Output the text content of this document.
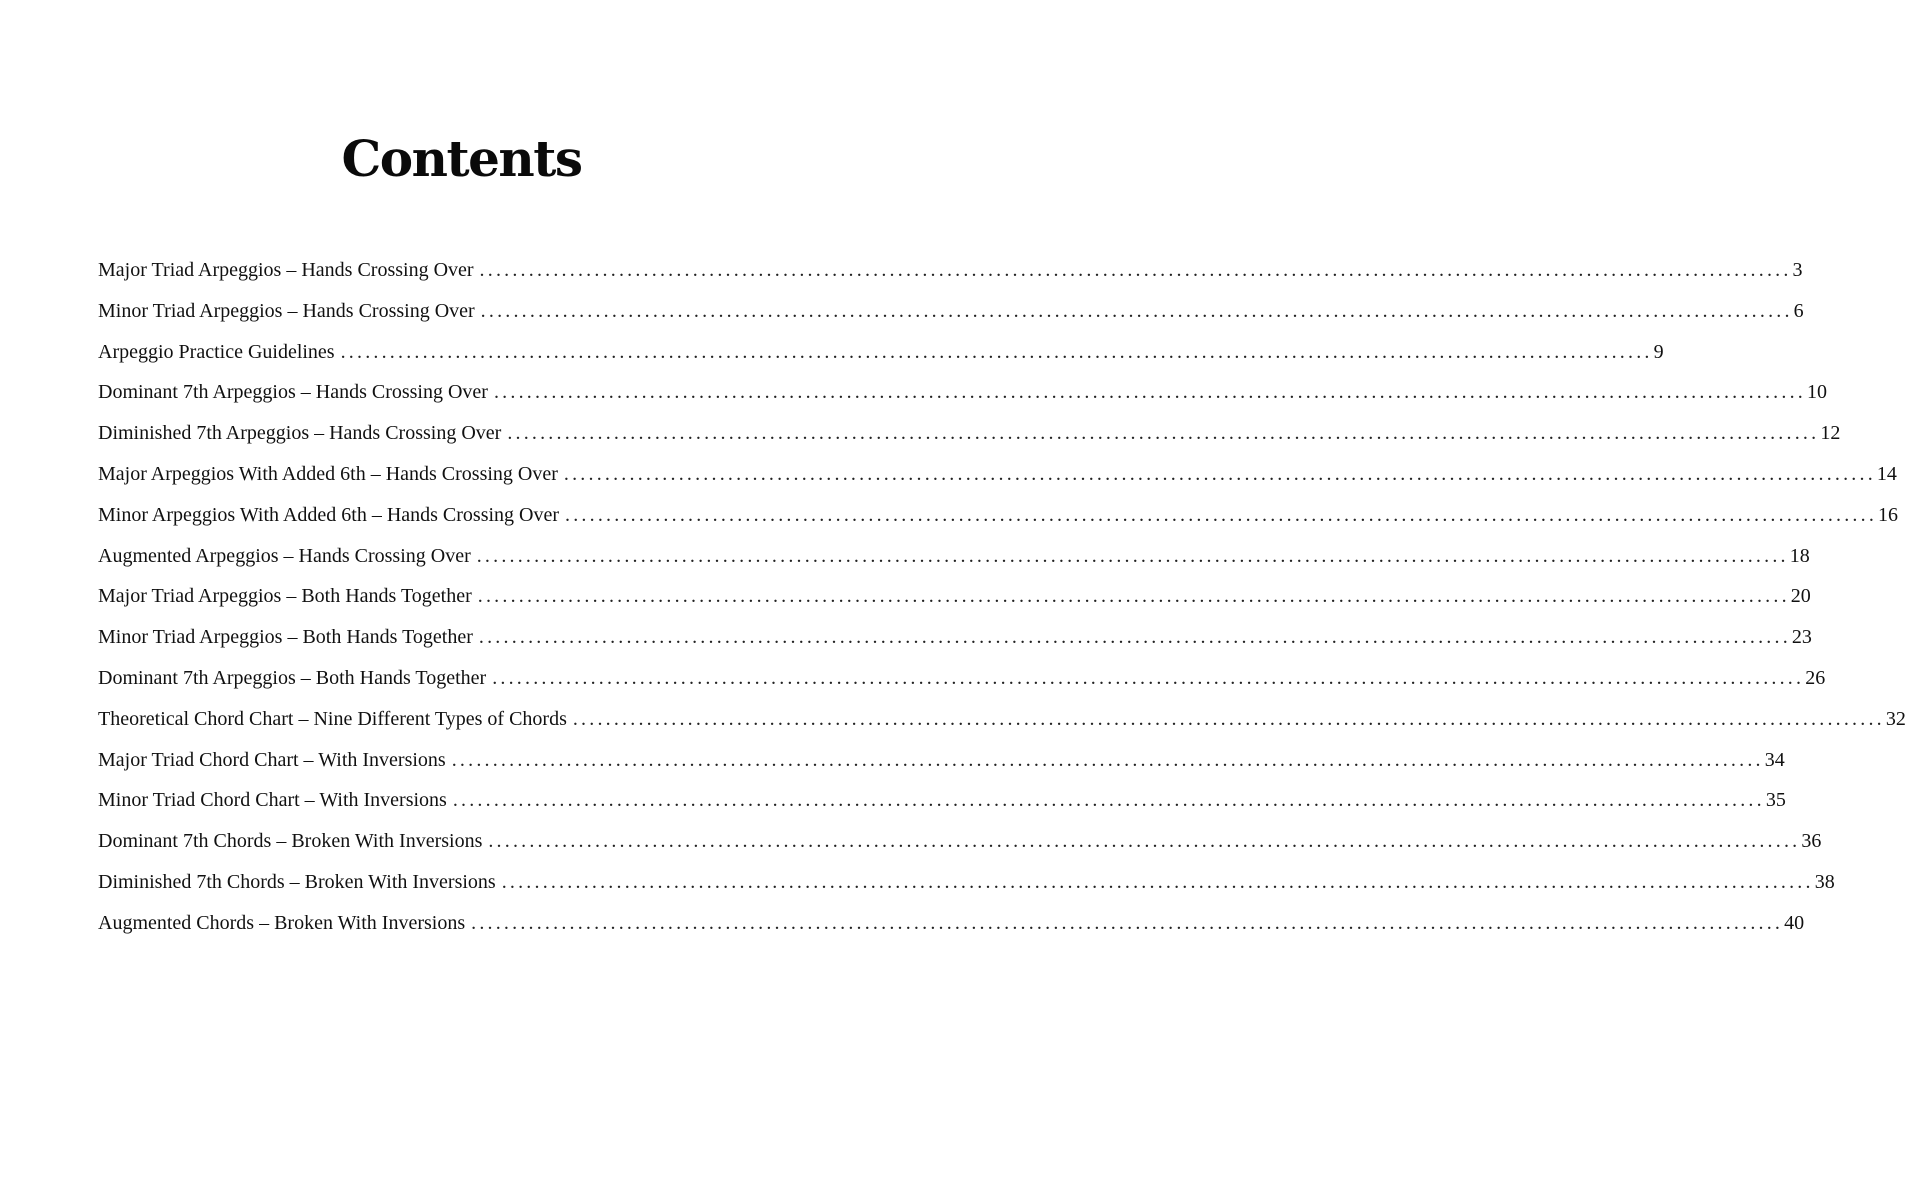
Contents
Major Triad Arpeggios – Hands Crossing Over ................................................................................................................................................................ 3
Minor Triad Arpeggios – Hands Crossing Over ................................................................................................................................................................ 6
Arpeggio Practice Guidelines ................................................................................................................................................................ 9
Dominant 7th Arpeggios – Hands Crossing Over ................................................................................................................................................................ 10
Diminished 7th Arpeggios – Hands Crossing Over ................................................................................................................................................................ 12
Major Arpeggios With Added 6th – Hands Crossing Over ................................................................................................................................................................ 14
Minor Arpeggios With Added 6th – Hands Crossing Over ................................................................................................................................................................ 16
Augmented Arpeggios – Hands Crossing Over ................................................................................................................................................................ 18
Major Triad Arpeggios – Both Hands Together ................................................................................................................................................................ 20
Minor Triad Arpeggios – Both Hands Together ................................................................................................................................................................ 23
Dominant 7th Arpeggios – Both Hands Together ................................................................................................................................................................ 26
Theoretical Chord Chart – Nine Different Types of Chords ................................................................................................................................................................ 32
Major Triad Chord Chart – With Inversions ................................................................................................................................................................ 34
Minor Triad Chord Chart – With Inversions ................................................................................................................................................................ 35
Dominant 7th Chords – Broken With Inversions ................................................................................................................................................................ 36
Diminished 7th Chords – Broken With Inversions ................................................................................................................................................................ 38
Augmented Chords – Broken With Inversions ................................................................................................................................................................ 40
